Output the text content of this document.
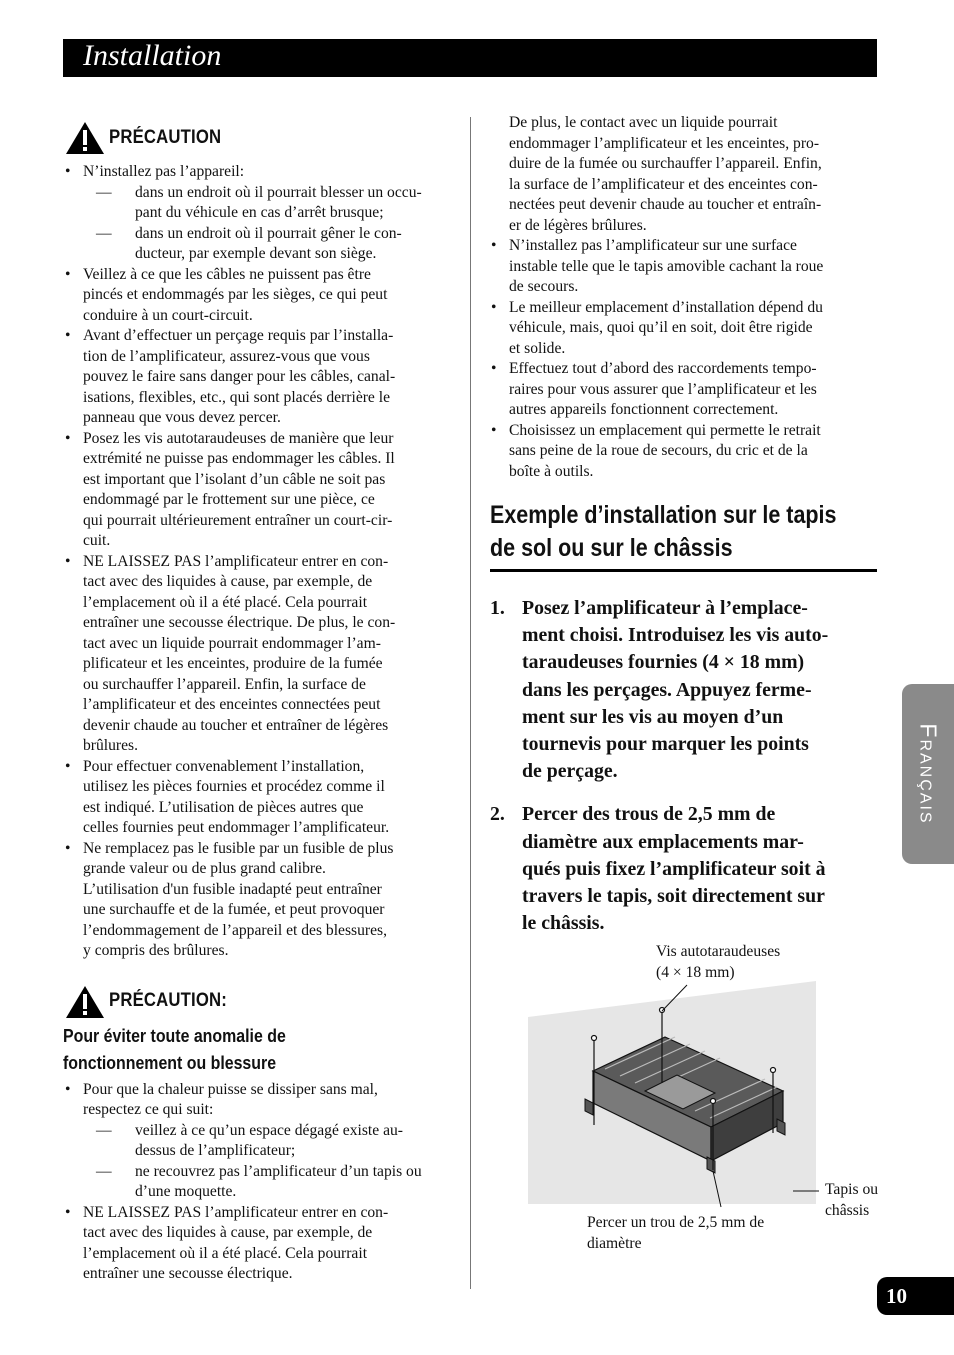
Installation
PRÉCAUTION
• N’installez pas l’appareil:
— dans un endroit où il pourrait blesser un occu-
pant du véhicule en cas d’arrêt brusque;
— dans un endroit où il pourrait gêner le con-
ducteur, par exemple devant son siège.
• Veillez à ce que les câbles ne puissent pas être
pincés et endommagés par les sièges, ce qui peut
conduire à un court-circuit.
• Avant d’effectuer un perçage requis par l’installa-
tion de l’amplificateur, assurez-vous que vous
pouvez le faire sans danger pour les câbles, canal-
isations, flexibles, etc., qui sont placés derrière le
panneau que vous devez percer.
• Posez les vis autotaraudeuses de manière que leur
extrémité ne puisse pas endommager les câbles. Il
est important que l’isolant d’un câble ne soit pas
endommagé par le frottement sur une pièce, ce
qui pourrait ultérieurement entraîner un court-cir-
cuit.
• NE LAISSEZ PAS l’amplificateur entrer en con-
tact avec des liquides à cause, par exemple, de
l’emplacement où il a été placé. Cela pourrait
entraîner une secousse électrique. De plus, le con-
tact avec un liquide pourrait endommager l’am-
plificateur et les enceintes, produire de la fumée
ou surchauffer l’appareil. Enfin, la surface de
l’amplificateur et des enceintes connectées peut
devenir chaude au toucher et entraîner de légères
brûlures.
• Pour effectuer convenablement l’installation,
utilisez les pièces fournies et procédez comme il
est indiqué. L’utilisation de pièces autres que
celles fournies peut endommager l’amplificateur.
• Ne remplacez pas le fusible par un fusible de plus
grande valeur ou de plus grand calibre.
L’utilisation d'un fusible inadapté peut entraîner
une surchauffe et de la fumée, et peut provoquer
l’endommagement de l’appareil et des blessures,
y compris des brûlures.
PRÉCAUTION:
Pour éviter toute anomalie de
fonctionnement ou blessure
• Pour que la chaleur puisse se dissiper sans mal,
respectez ce qui suit:
— veillez à ce qu’un espace dégagé existe au-
dessus de l’amplificateur;
— ne recouvrez pas l’amplificateur d’un tapis ou
d’une moquette.
• NE LAISSEZ PAS l’amplificateur entrer en con-
tact avec des liquides à cause, par exemple, de
l’emplacement où il a été placé. Cela pourrait
entraîner une secousse électrique.
De plus, le contact avec un liquide pourrait
endommager l’amplificateur et les enceintes, pro-
duire de la fumée ou surchauffer l’appareil. Enfin,
la surface de l’amplificateur et des enceintes con-
nectées peut devenir chaude au toucher et entraîn-
er de légères brûlures.
• N’installez pas l’amplificateur sur une surface
instable telle que le tapis amovible cachant la roue
de secours.
• Le meilleur emplacement d’installation dépend du
véhicule, mais, quoi qu’il en soit, doit être rigide
et solide.
• Effectuez tout d’abord des raccordements tempo-
raires pour vous assurer que l’amplificateur et les
autres appareils fonctionnent correctement.
• Choisissez un emplacement qui permette le retrait
sans peine de la roue de secours, du cric et de la
boîte à outils.
Exemple d’installation sur le tapis
de sol ou sur le châssis
1. Posez l’amplificateur à l’emplace-
ment choisi. Introduisez les vis auto-
taraudeuses fournies (4 × 18 mm)
dans les perçages. Appuyez ferme-
ment sur les vis au moyen d’un
tournevis pour marquer les points
de perçage.
2. Percer des trous de 2,5 mm de
diamètre aux emplacements mar-
qués puis fixez l’amplificateur soit à
travers le tapis, soit directement sur
le châssis.
Vis autotaraudeuses
(4 × 18 mm)
Tapis ou
châssis
Percer un trou de 2,5 mm de
diamètre
Français
10
